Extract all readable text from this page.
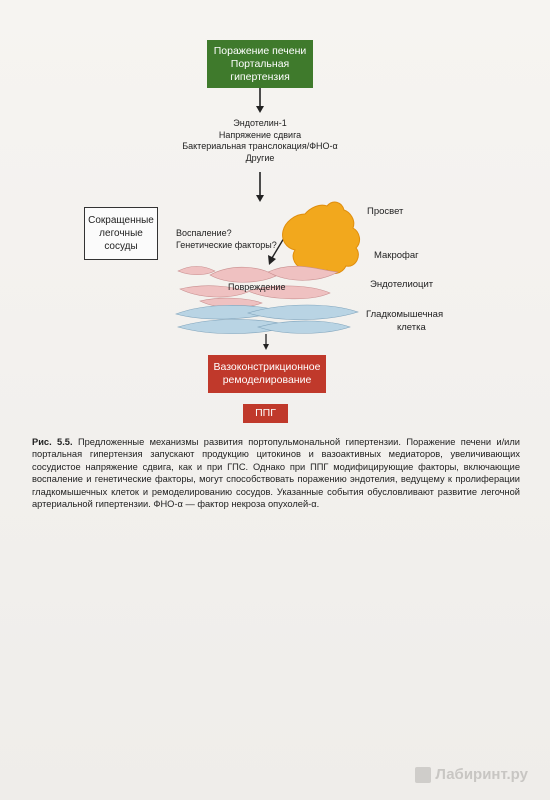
Поражение печени
Портальная
гипертензия
Эндотелин-1
Напряжение сдвига
Бактериальная транслокация/ФНО-α
Другие
Сокращенные
легочные
сосуды
Просвет
Воспаление?
Генетические факторы?
Макрофаг
Повреждение	Эндотелиоцит
Гладкомышечная
клетка
Вазоконстрикционное
ремоделирование
ППГ
Рис. 5.5. Предложенные механизмы развития портопульмональной гипертензии. Поражение печени и/или портальная гипертензия запускают продукцию цитокинов и вазоактивных медиаторов, увеличивающих сосудистое напряжение сдвига, как и при ГПС. Однако при ППГ модифицирующие факторы, включающие воспаление и генетические факторы, могут способствовать поражению эндотелия, ведущему к пролиферации гладкомышечных клеток и ремоделированию сосудов. Указанные события обусловливают развитие легочной артериальной гипертензии. ФНО-α — фактор некроза опухолей-α.
Лабиринт.ру
